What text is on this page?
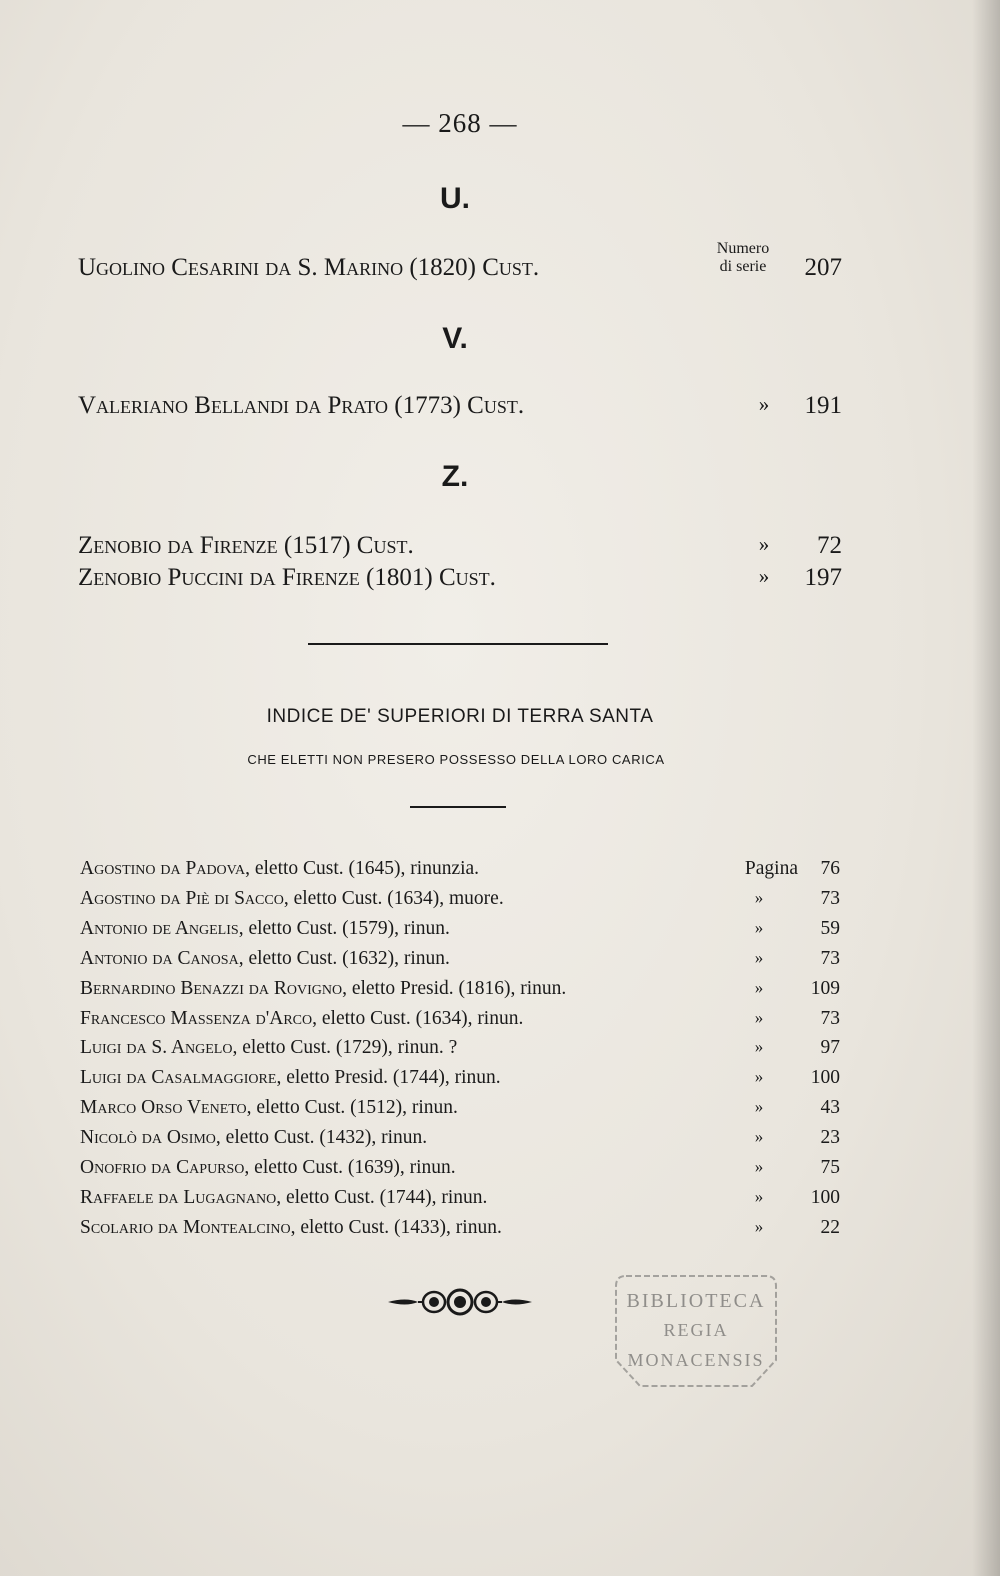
— 268 —
U.
Numero
di serie
Ugolino Cesarini da S. Marino (1820) Cust.	207
V.
Valeriano Bellandi da Prato (1773) Cust.	»	191
Z.
Zenobio da Firenze (1517) Cust.	»	72
Zenobio Puccini da Firenze (1801) Cust.	»	197
INDICE DE' SUPERIORI DI TERRA SANTA
CHE ELETTI NON PRESERO POSSESSO DELLA LORO CARICA
Agostino da Padova, eletto Cust. (1645), rinunzia.	Pagina 76
Agostino da Piè di Sacco, eletto Cust. (1634), muore.	»	73
Antonio de Angelis, eletto Cust. (1579), rinun.	»	59
Antonio da Canosa, eletto Cust. (1632), rinun.	»	73
Bernardino Benazzi da Rovigno, eletto Presid. (1816), rinun.	»	109
Francesco Massenza d'Arco, eletto Cust. (1634), rinun.	»	73
Luigi da S. Angelo, eletto Cust. (1729), rinun. ?	»	97
Luigi da Casalmaggiore, eletto Presid. (1744), rinun.	»	100
Marco Orso Veneto, eletto Cust. (1512), rinun.	»	43
Nicolò da Osimo, eletto Cust. (1432), rinun.	»	23
Onofrio da Capurso, eletto Cust. (1639), rinun.	»	75
Raffaele da Lugagnano, eletto Cust. (1744), rinun.	»	100
Scolario da Montealcino, eletto Cust. (1433), rinun.	»	22
BIBLIOTECA
REGIA
MONACENSIS
